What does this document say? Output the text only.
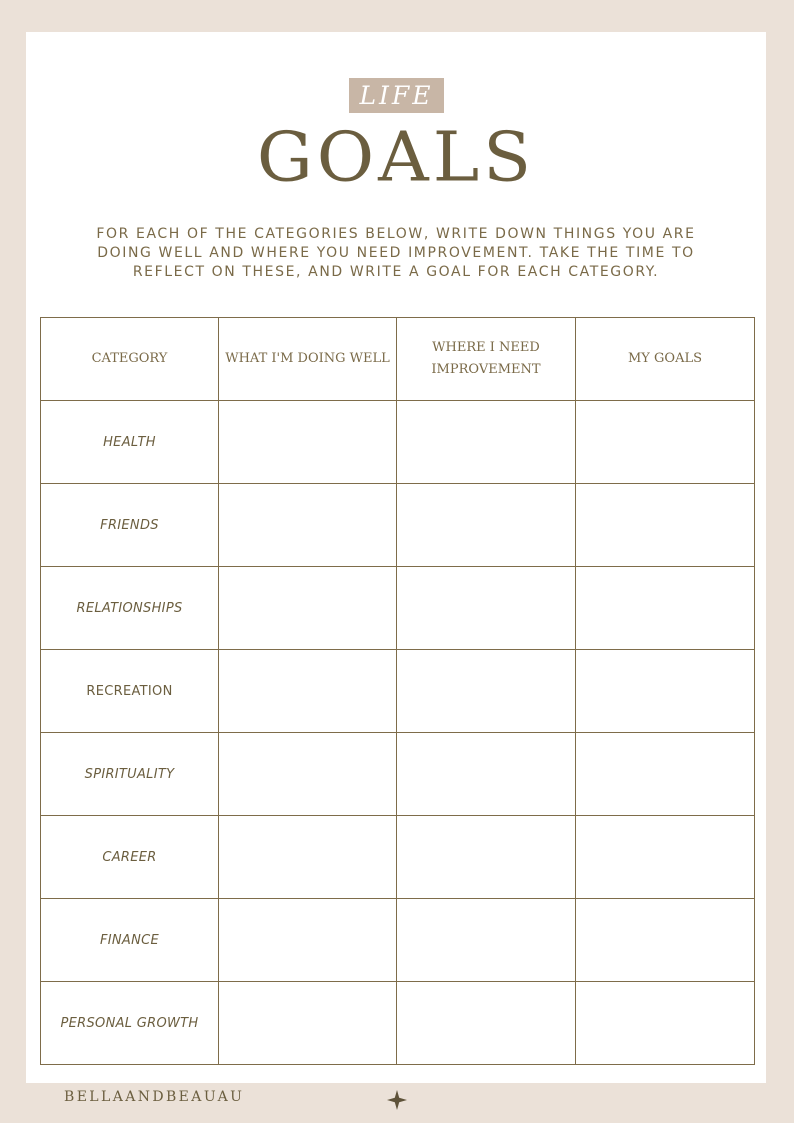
LIFE
GOALS
FOR EACH OF THE CATEGORIES BELOW, WRITE DOWN THINGS YOU ARE DOING WELL AND WHERE YOU NEED IMPROVEMENT. TAKE THE TIME TO REFLECT ON THESE, AND WRITE A GOAL FOR EACH CATEGORY.
CATEGORY	WHAT I'M DOING WELL	WHERE I NEED IMPROVEMENT	MY GOALS
HEALTH			
FRIENDS			
RELATIONSHIPS			
RECREATION			
SPIRITUALITY			
CAREER			
FINANCE			
PERSONAL GROWTH			
BELLAANDBEAUAU
